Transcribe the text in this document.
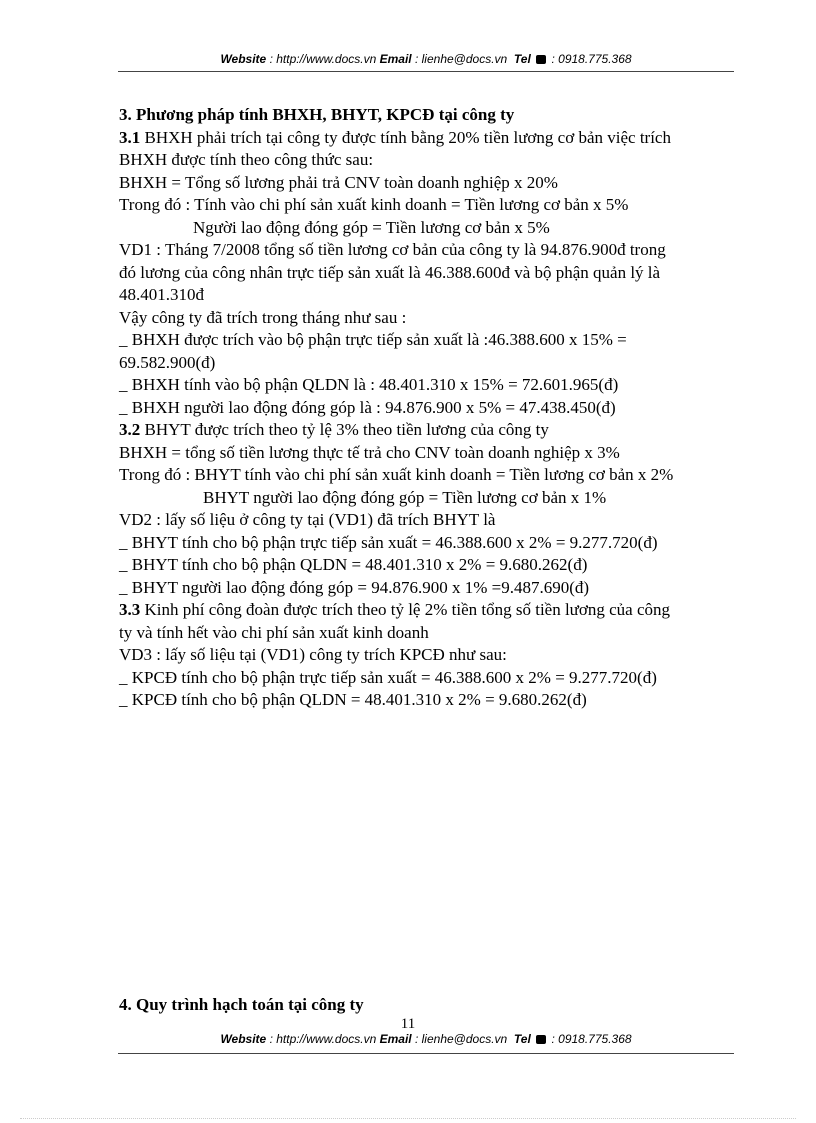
Website : http://www.docs.vn Email : lienhe@docs.vn  Tel  : 0918.775.368
3. Phương pháp tính BHXH, BHYT, KPCĐ tại công ty

3.1 BHXH phải trích tại công ty được tính bằng 20% tiền lương cơ bản việc trích

BHXH được tính theo công thức sau:

BHXH = Tổng số lương phải trả CNV toàn doanh nghiệp x 20%

Trong đó : Tính vào chi phí sản xuất kinh doanh = Tiền lương cơ bản x 5%

Người lao động đóng góp = Tiền lương cơ bản x 5%

VD1 : Tháng 7/2008 tổng số tiền lương cơ bản của công ty là 94.876.900đ trong

đó lương của công nhân trực tiếp sản xuất là 46.388.600đ và bộ phận quản lý là

48.401.310đ

Vậy công ty đã trích trong tháng như sau :

_ BHXH được trích vào bộ phận trực tiếp sản xuất là :46.388.600 x 15% =

69.582.900(đ)

_ BHXH tính vào bộ phận QLDN là : 48.401.310 x 15% = 72.601.965(đ)

_ BHXH người lao động đóng góp là : 94.876.900 x 5% = 47.438.450(đ)

3.2 BHYT được trích theo tỷ lệ 3% theo tiền lương của công ty

BHXH = tổng số tiền lương thực tế trả cho CNV toàn doanh nghiệp x 3%

Trong đó : BHYT tính vào chi phí sản xuất kinh doanh = Tiền lương cơ bản x 2%

BHYT người lao động đóng góp = Tiền lương cơ bản x 1%

VD2 : lấy số liệu ở công ty tại (VD1) đã trích BHYT là

_ BHYT tính cho bộ phận trực tiếp sản xuất = 46.388.600 x 2% = 9.277.720(đ)

_ BHYT tính cho bộ phận QLDN = 48.401.310 x 2% = 9.680.262(đ)

_ BHYT người lao động đóng góp = 94.876.900 x 1% =9.487.690(đ)

3.3 Kinh phí công đoàn được trích theo tỷ lệ 2% tiền tổng số tiền lương của công

ty và tính hết vào chi phí sản xuất kinh doanh

VD3 : lấy số liệu tại (VD1) công ty trích KPCĐ như sau:

_ KPCĐ tính cho bộ phận trực tiếp sản xuất = 46.388.600 x 2% = 9.277.720(đ)

_ KPCĐ tính cho bộ phận QLDN = 48.401.310 x 2% = 9.680.262(đ)

4. Quy trình hạch toán tại công ty
11
Website : http://www.docs.vn Email : lienhe@docs.vn  Tel  : 0918.775.368
